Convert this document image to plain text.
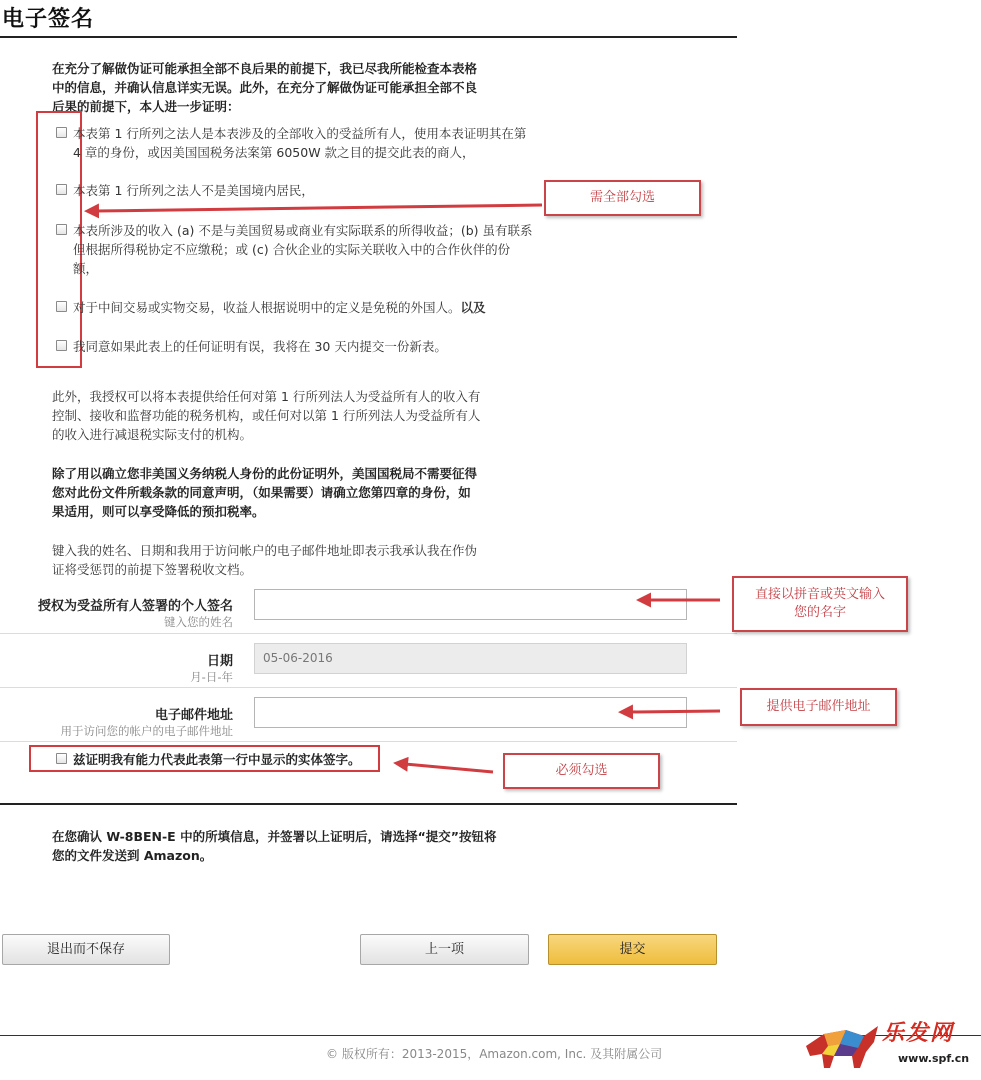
电子签名
在充分了解做伪证可能承担全部不良后果的前提下，我已尽我所能检查本表格
中的信息，并确认信息详实无误。此外，在充分了解做伪证可能承担全部不良
后果的前提下，本人进一步证明：
本表第 1 行所列之法人是本表涉及的全部收入的受益所有人，使用本表证明其在第
4 章的身份，或因美国国税务法案第 6050W 款之目的提交此表的商人，
本表第 1 行所列之法人不是美国境内居民，
本表所涉及的收入 (a) 不是与美国贸易或商业有实际联系的所得收益；(b) 虽有联系
但根据所得税协定不应缴税；或 (c) 合伙企业的实际关联收入中的合作伙伴的份
额，
对于中间交易或实物交易，收益人根据说明中的定义是免税的外国人。以及
我同意如果此表上的任何证明有误，我将在 30 天内提交一份新表。
此外，我授权可以将本表提供给任何对第 1 行所列法人为受益所有人的收入有
控制、接收和监督功能的税务机构，或任何对以第 1 行所列法人为受益所有人
的收入进行减退税实际支付的机构。
除了用以确立您非美国义务纳税人身份的此份证明外，美国国税局不需要征得
您对此份文件所载条款的同意声明，（如果需要）请确立您第四章的身份，如
果适用，则可以享受降低的预扣税率。
键入我的姓名、日期和我用于访问帐户的电子邮件地址即表示我承认我在作伪
证将受惩罚的前提下签署税收文档。
授权为受益所有人签署的个人签名
键入您的姓名
日期
月-日-年
05-06-2016
电子邮件地址
用于访问您的帐户的电子邮件地址
兹证明我有能力代表此表第一行中显示的实体签字。
在您确认 W-8BEN-E 中的所填信息，并签署以上证明后，请选择“提交”按钮将
您的文件发送到 Amazon。
退出而不保存	上一项	提交
© 版权所有：2013-2015，Amazon.com, Inc. 及其附属公司
需全部勾选
直接以拼音或英文输入
您的名字
提供电子邮件地址
必须勾选
乐发网
www.spf.cn
